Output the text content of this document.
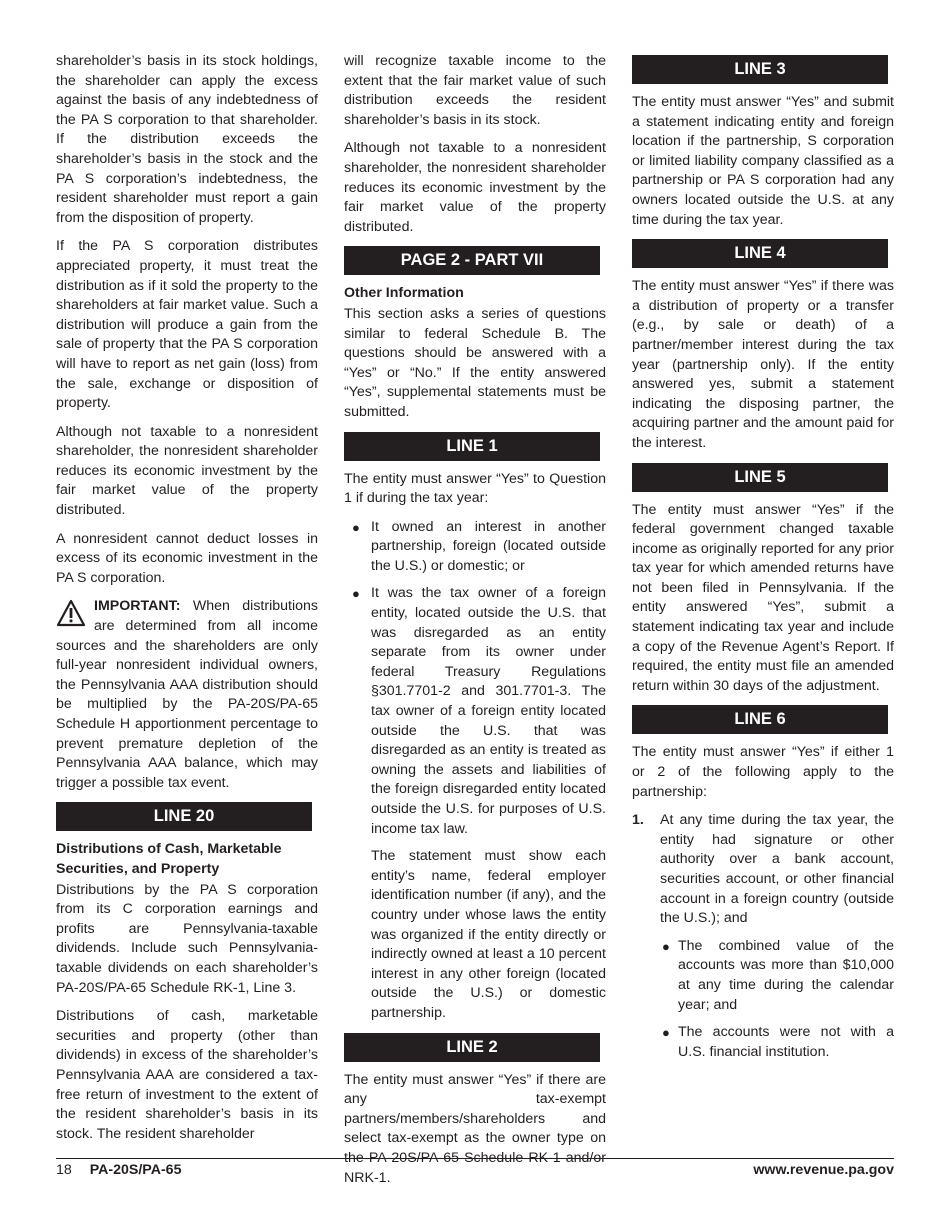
shareholder’s basis in its stock holdings, the shareholder can apply the excess against the basis of any indebtedness of the PA S corporation to that shareholder. If the distribution exceeds the shareholder’s basis in the stock and the PA S corporation’s indebtedness, the resident shareholder must report a gain from the disposition of property.

If the PA S corporation distributes appreciated property, it must treat the distribution as if it sold the property to the shareholders at fair market value. Such a distribution will produce a gain from the sale of property that the PA S corporation will have to report as net gain (loss) from the sale, exchange or disposition of property.

Although not taxable to a nonresident shareholder, the nonresident shareholder reduces its economic investment by the fair market value of the property distributed.

A nonresident cannot deduct losses in excess of its economic investment in the PA S corporation.

IMPORTANT: When distributions are determined from all income sources and the shareholders are only full-year nonresident individual owners, the Pennsylvania AAA distribution should be multiplied by the PA-20S/PA-65 Schedule H apportionment percentage to prevent premature depletion of the Pennsylvania AAA balance, which may trigger a possible tax event.

LINE 20

Distributions of Cash, Marketable Securities, and Property

Distributions by the PA S corporation from its C corporation earnings and profits are Pennsylvania-taxable dividends. Include such Pennsylvania-taxable dividends on each shareholder’s PA-20S/PA-65 Schedule RK-1, Line 3.

Distributions of cash, marketable securities and property (other than dividends) in excess of the shareholder’s Pennsylvania AAA are considered a tax-free return of investment to the extent of the resident shareholder’s basis in its stock. The resident shareholder

will recognize taxable income to the extent that the fair market value of such distribution exceeds the resident shareholder’s basis in its stock.

Although not taxable to a nonresident shareholder, the nonresident shareholder reduces its economic investment by the fair market value of the property distributed.

PAGE 2 - PART VII

Other Information

This section asks a series of questions similar to federal Schedule B. The questions should be answered with a “Yes” or “No.” If the entity answered “Yes”, supplemental statements must be submitted.

LINE 1

The entity must answer “Yes” to Question 1 if during the tax year:

● It owned an interest in another partnership, foreign (located outside the U.S.) or domestic; or
● It was the tax owner of a foreign entity, located outside the U.S. that was disregarded as an entity separate from its owner under federal Treasury Regulations §301.7701-2 and 301.7701-3. The tax owner of a foreign entity located outside the U.S. that was disregarded as an entity is treated as owning the assets and liabilities of the foreign disregarded entity located outside the U.S. for purposes of U.S. income tax law.

The statement must show each entity’s name, federal employer identification number (if any), and the country under whose laws the entity was organized if the entity directly or indirectly owned at least a 10 percent interest in any other foreign (located outside the U.S.) or domestic partnership.

LINE 2

The entity must answer “Yes” if there are any tax-exempt partners/members/shareholders and select tax-exempt as the owner type on the PA-20S/PA-65 Schedule RK-1 and/or NRK-1.

LINE 3

The entity must answer “Yes” and submit a statement indicating entity and foreign location if the partnership, S corporation or limited liability company classified as a partnership or PA S corporation had any owners located outside the U.S. at any time during the tax year.

LINE 4

The entity must answer “Yes” if there was a distribution of property or a transfer (e.g., by sale or death) of a partner/member interest during the tax year (partnership only). If the entity answered yes, submit a statement indicating the disposing partner, the acquiring partner and the amount paid for the interest.

LINE 5

The entity must answer “Yes” if the federal government changed taxable income as originally reported for any prior tax year for which amended returns have not been filed in Pennsylvania. If the entity answered “Yes”, submit a statement indicating tax year and include a copy of the Revenue Agent’s Report. If required, the entity must file an amended return within 30 days of the adjustment.

LINE 6

The entity must answer “Yes” if either 1 or 2 of the following apply to the partnership:

1. At any time during the tax year, the entity had signature or other authority over a bank account, securities account, or other financial account in a foreign country (outside the U.S.); and
● The combined value of the accounts was more than $10,000 at any time during the calendar year; and
● The accounts were not with a U.S. financial institution.
18 PA-20S/PA-65	www.revenue.pa.gov
